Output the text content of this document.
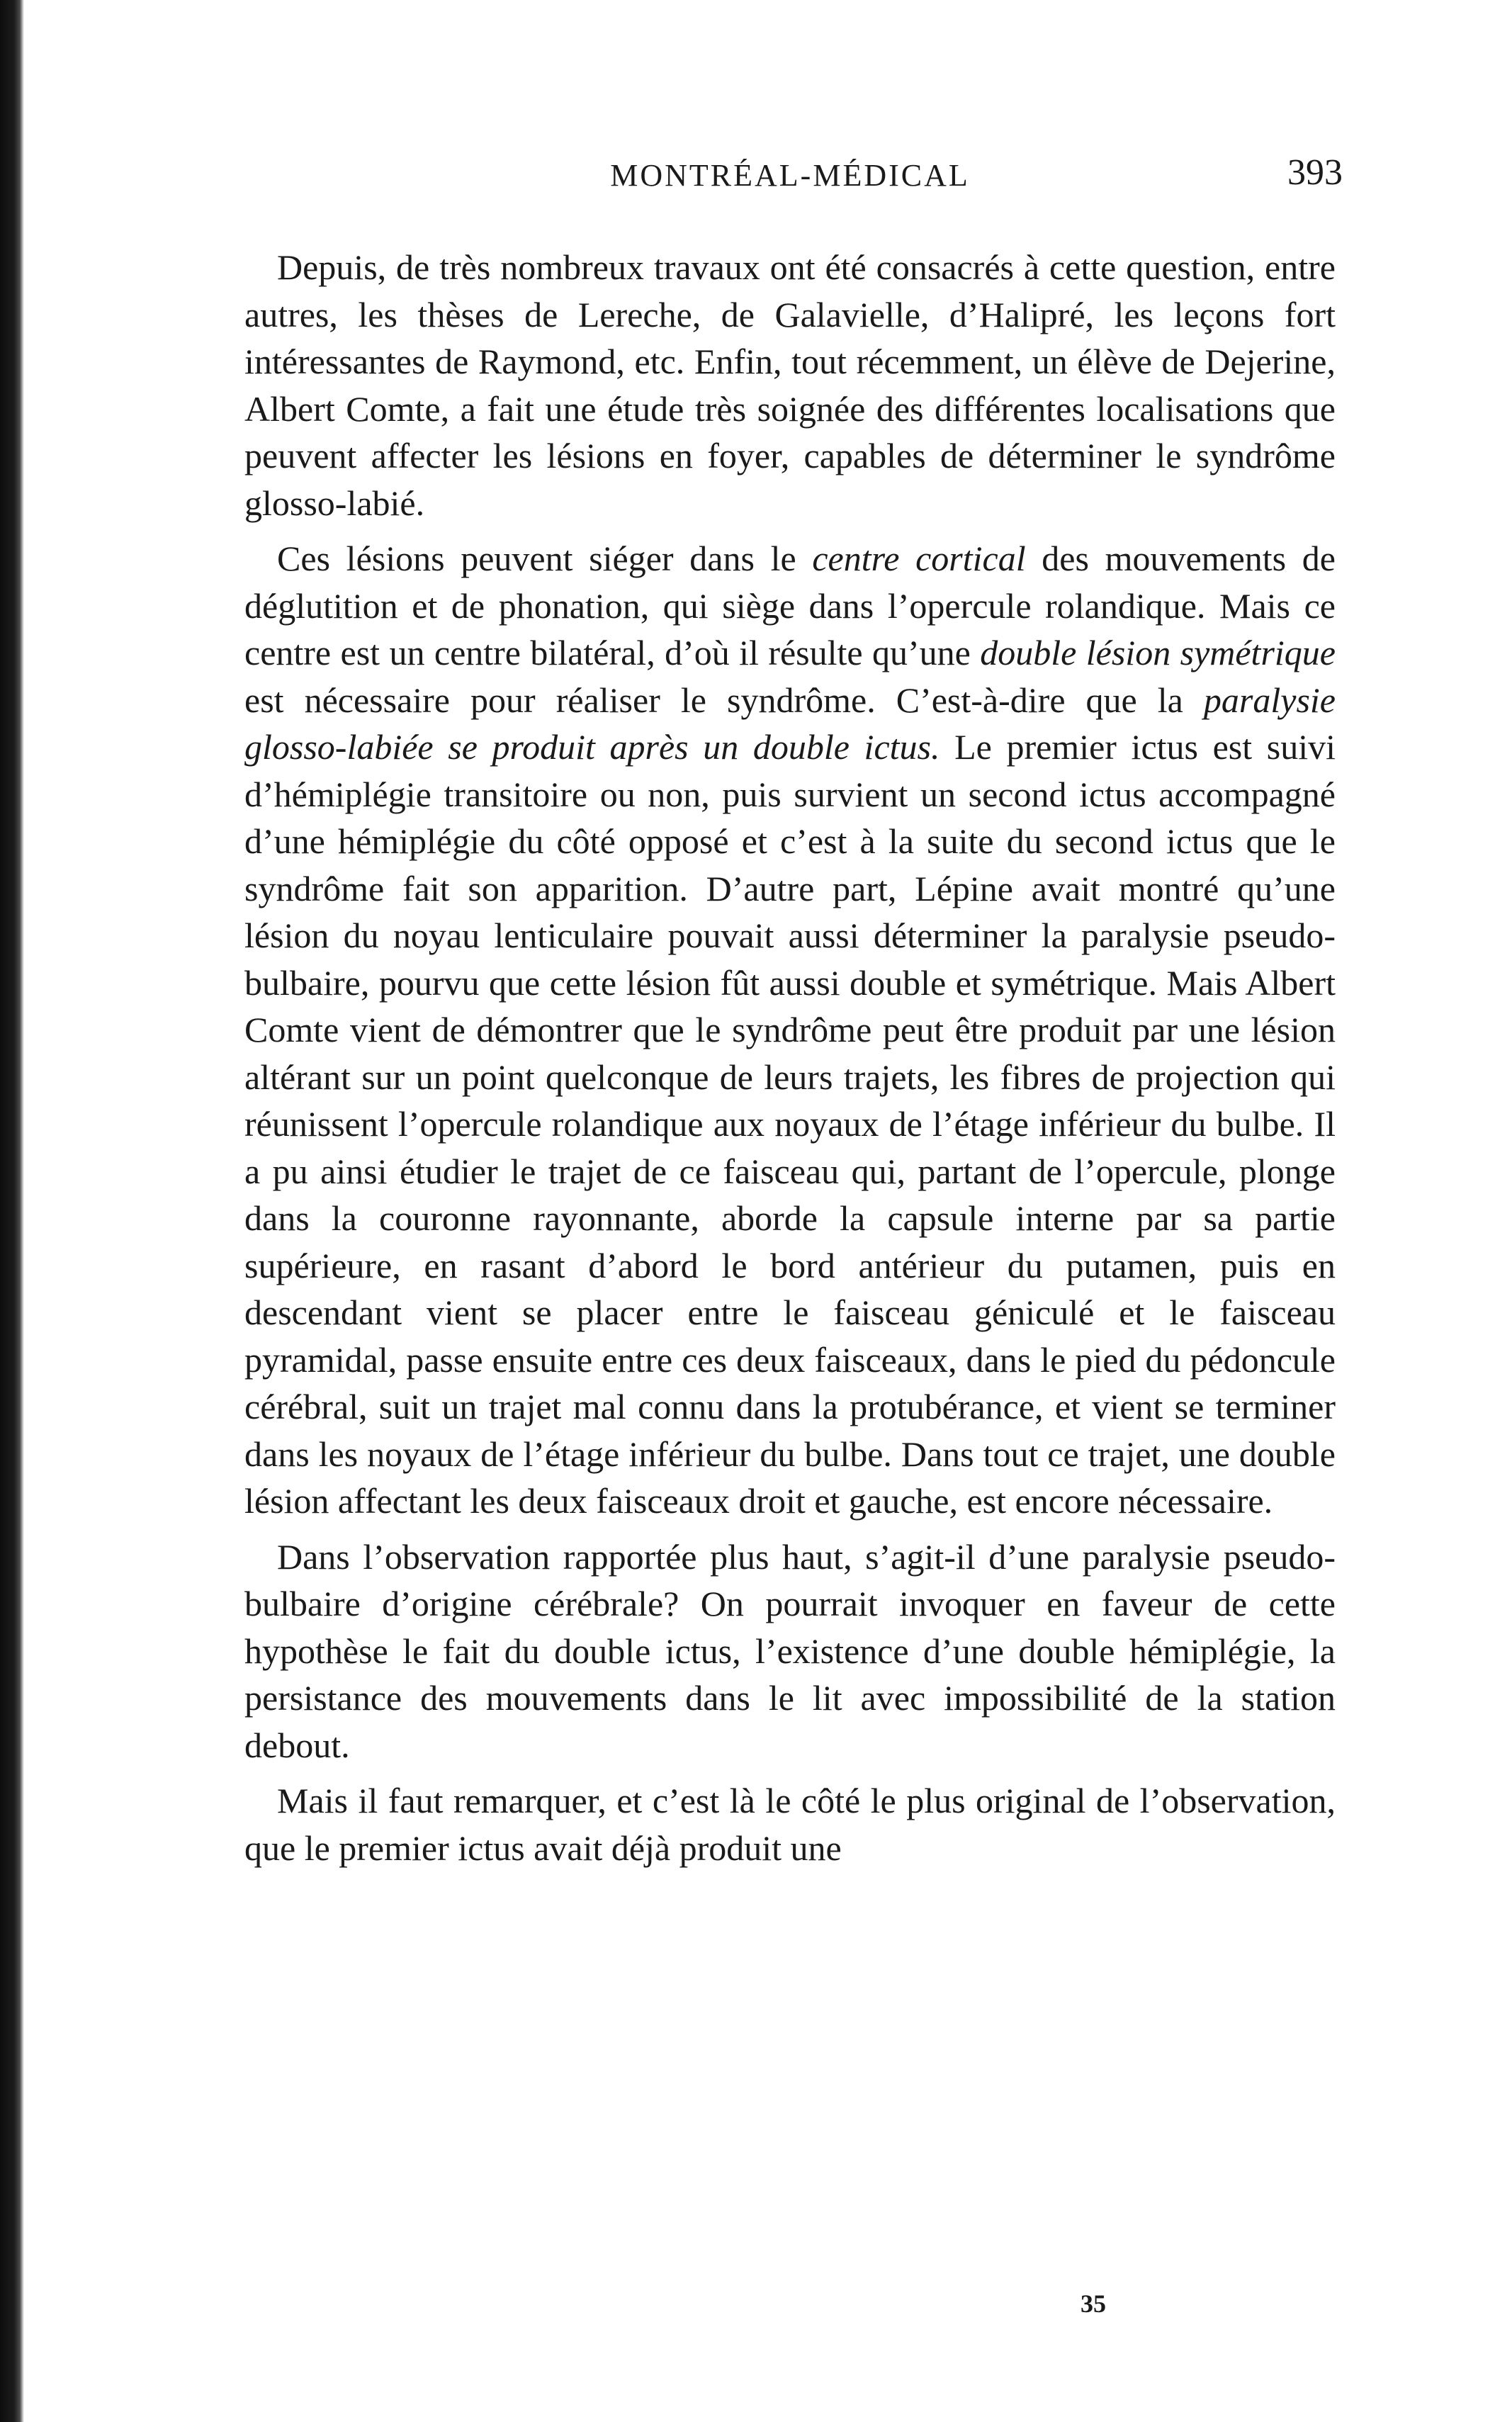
MONTRÉAL-MÉDICAL	393

Depuis, de très nombreux travaux ont été consacrés à cette question, entre autres, les thèses de Lereche, de Galavielle, d’Halipré, les leçons fort intéressantes de Raymond, etc. Enfin, tout récemment, un élève de Dejerine, Albert Comte, a fait une étude très soignée des différentes localisations que peuvent affecter les lésions en foyer, capables de déterminer le syndrôme glosso-labié.

Ces lésions peuvent siéger dans le centre cortical des mouvements de déglutition et de phonation, qui siège dans l’opercule rolandique. Mais ce centre est un centre bilatéral, d’où il résulte qu’une double lésion symétrique est nécessaire pour réaliser le syndrôme. C’est-à-dire que la paralysie glosso-labiée se produit après un double ictus. Le premier ictus est suivi d’hémiplégie transitoire ou non, puis survient un second ictus accompagné d’une hémiplégie du côté opposé et c’est à la suite du second ictus que le syndrôme fait son apparition. D’autre part, Lépine avait montré qu’une lésion du noyau lenticulaire pouvait aussi déterminer la paralysie pseudo-bulbaire, pourvu que cette lésion fût aussi double et symétrique. Mais Albert Comte vient de démontrer que le syndrôme peut être produit par une lésion altérant sur un point quelconque de leurs trajets, les fibres de projection qui réunissent l’opercule rolandique aux noyaux de l’étage inférieur du bulbe. Il a pu ainsi étudier le trajet de ce faisceau qui, partant de l’opercule, plonge dans la couronne rayonnante, aborde la capsule interne par sa partie supérieure, en rasant d’abord le bord antérieur du putamen, puis en descendant vient se placer entre le faisceau géniculé et le faisceau pyramidal, passe ensuite entre ces deux faisceaux, dans le pied du pédoncule cérébral, suit un trajet mal connu dans la protubérance, et vient se terminer dans les noyaux de l’étage inférieur du bulbe. Dans tout ce trajet, une double lésion affectant les deux faisceaux droit et gauche, est encore nécessaire.

Dans l’observation rapportée plus haut, s’agit-il d’une paralysie pseudo-bulbaire d’origine cérébrale? On pourrait invoquer en faveur de cette hypothèse le fait du double ictus, l’existence d’une double hémiplégie, la persistance des mouvements dans le lit avec impossibilité de la station debout.

Mais il faut remarquer, et c’est là le côté le plus original de l’observation, que le premier ictus avait déjà produit une

35
